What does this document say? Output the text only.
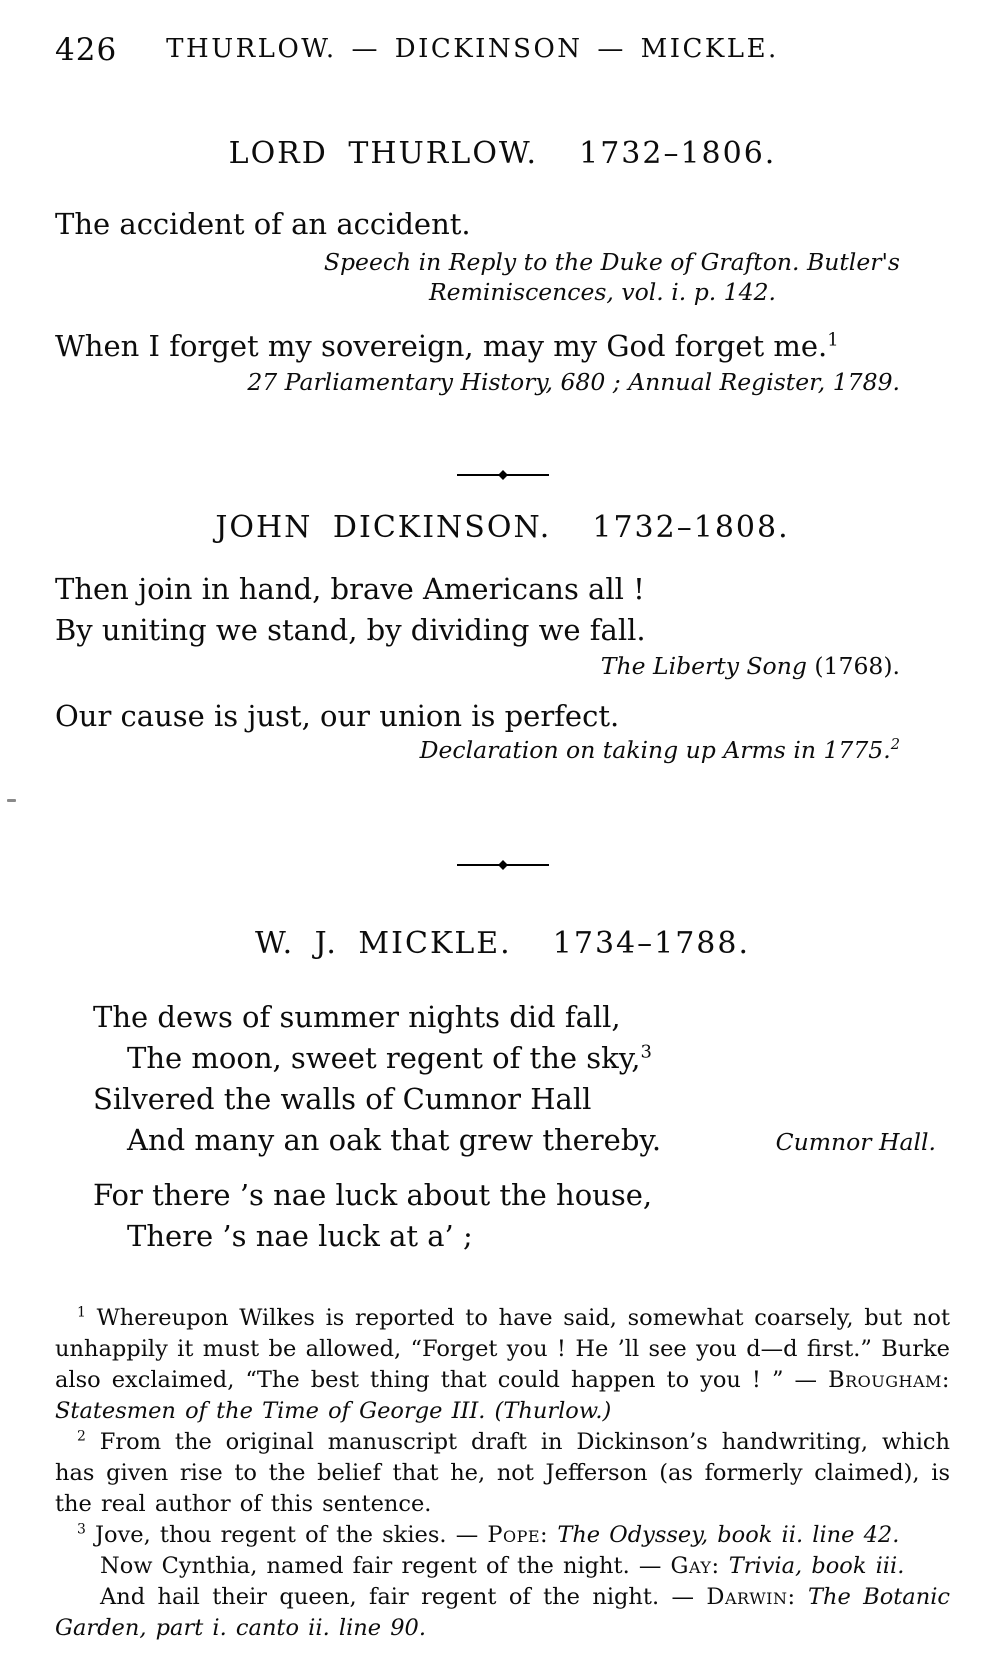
426	THURLOW. — DICKINSON — MICKLE.
LORD THURLOW.  1732–1806.

The accident of an accident.

Speech in Reply to the Duke of Grafton. Butler's
Reminiscences, vol. i. p. 142.

When I forget my sovereign, may my God forget me.$^1$

27 Parliamentary History, 680 ; Annual Register, 1789.
JOHN DICKINSON.  1732–1808.
Then join in hand, brave Americans all !
By uniting we stand, by dividing we fall.
The Liberty Song (1768).

Our cause is just, our union is perfect.

Declaration on taking up Arms in 1775.$^2$
W. J. MICKLE.  1734–1788.
The dews of summer nights did fall,
The moon, sweet regent of the sky,$^3$
Silvered the walls of Cumnor Hall
And many an oak that grew thereby.	Cumnor Hall.
For there ’s nae luck about the house,
There ’s nae luck at a’ ;

$^1$ Whereupon Wilkes is reported to have said, somewhat coarsely, but not unhappily it must be allowed, “Forget you ! He ’ll see you d—d first.” Burke also exclaimed, “The best thing that could happen to you ! ” — Brougham: Statesmen of the Time of George III. (Thurlow.)

$^2$ From the original manuscript draft in Dickinson’s handwriting, which has given rise to the belief that he, not Jefferson (as formerly claimed), is the real author of this sentence.

$^3$ Jove, thou regent of the skies. — Pope: The Odyssey, book ii. line 42.

Now Cynthia, named fair regent of the night. — Gay: Trivia, book iii.

And hail their queen, fair regent of the night. — Darwin: The Botanic Garden, part i. canto ii. line 90.
